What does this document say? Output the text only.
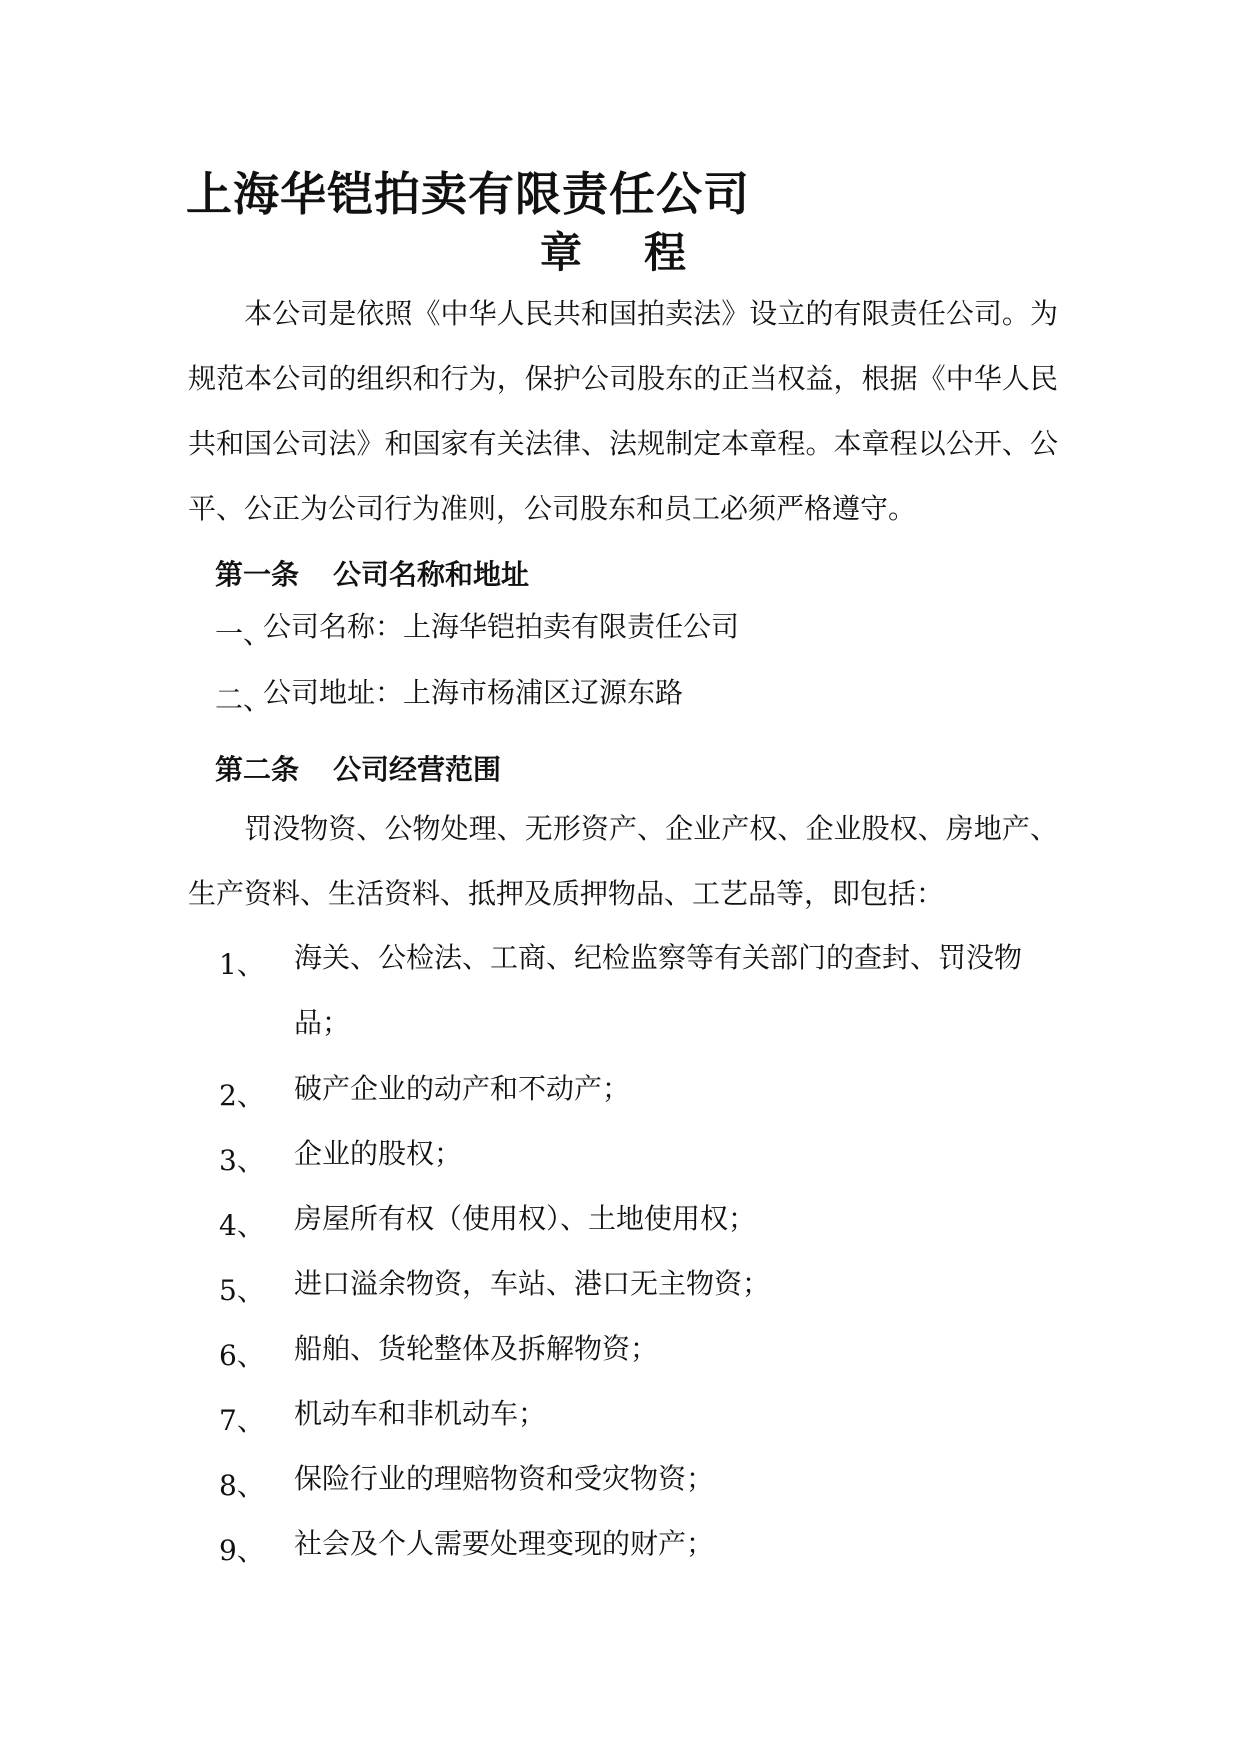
上海华铠拍卖有限责任公司
章 程
本公司是依照《中华人民共和国拍卖法》设立的有限责任公司。为规范本公司的组织和行为，保护公司股东的正当权益，根据《中华人民共和国公司法》和国家有关法律、法规制定本章程。本章程以公开、公平、公正为公司行为准则，公司股东和员工必须严格遵守。
第一条 公司名称和地址
一、
公司名称：上海华铠拍卖有限责任公司
二、
公司地址：上海市杨浦区辽源东路
第二条 公司经营范围
罚没物资、公物处理、无形资产、企业产权、企业股权、房地产、生产资料、生活资料、抵押及质押物品、工艺品等，即包括：
1、 海关、公检法、工商、纪检监察等有关部门的查封、罚没物品；
2、 破产企业的动产和不动产；
3、 企业的股权；
4、 房屋所有权（使用权）、土地使用权；
5、 进口溢余物资，车站、港口无主物资；
6、 船舶、货轮整体及拆解物资；
7、 机动车和非机动车；
8、 保险行业的理赔物资和受灾物资；
9、 社会及个人需要处理变现的财产；
